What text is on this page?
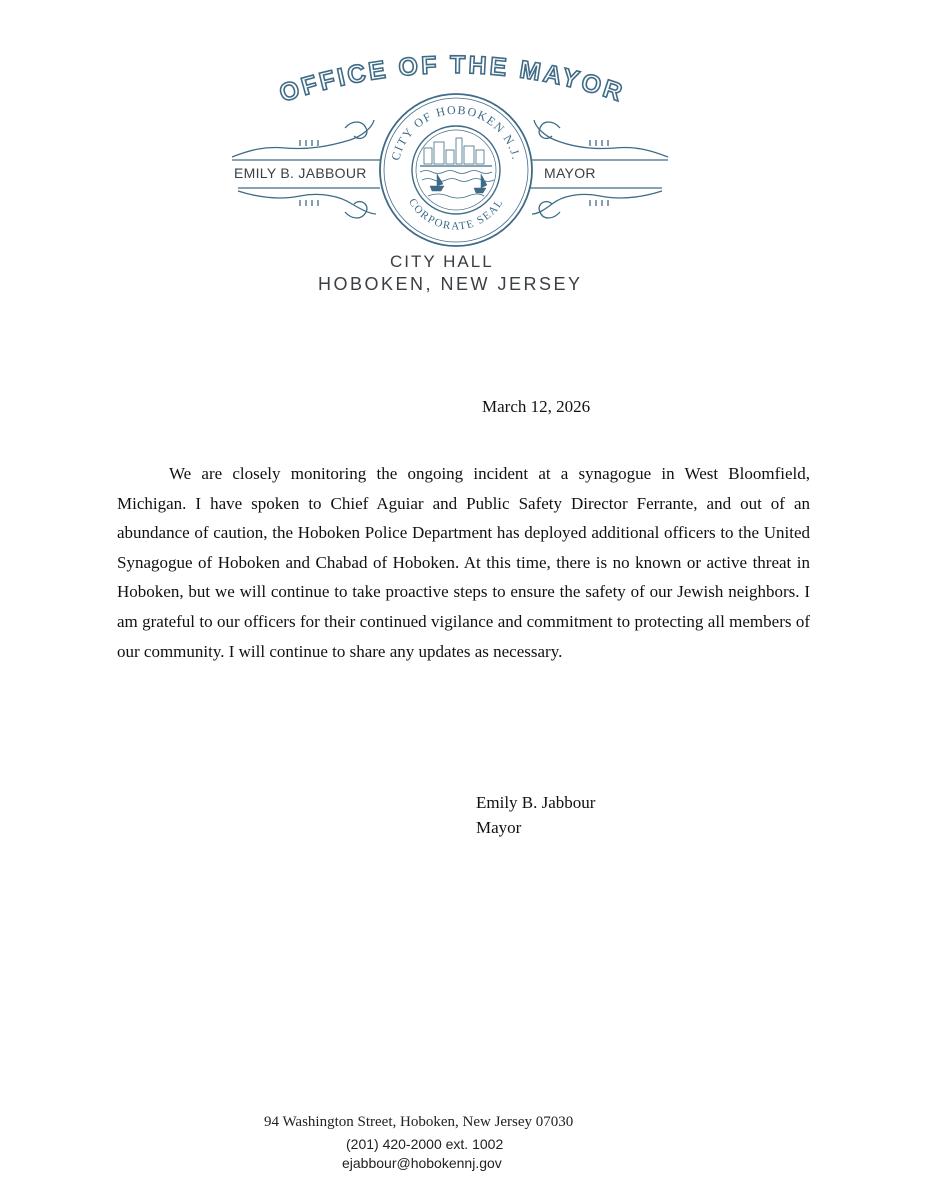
OFFICE OF THE MAYOR
CITY OF HOBOKEN N.J.
CORPORATE SEAL
EMILY B. JABBOUR	MAYOR
CITY HALL
HOBOKEN, NEW JERSEY
March 12, 2026

We are closely monitoring the ongoing incident at a synagogue in West Bloomfield, Michigan. I have spoken to Chief Aguiar and Public Safety Director Ferrante, and out of an abundance of caution, the Hoboken Police Department has deployed additional officers to the United Synagogue of Hoboken and Chabad of Hoboken. At this time, there is no known or active threat in Hoboken, but we will continue to take proactive steps to ensure the safety of our Jewish neighbors. I am grateful to our officers for their continued vigilance and commitment to protecting all members of our community. I will continue to share any updates as necessary.

Emily B. Jabbour
Mayor
94 Washington Street, Hoboken, New Jersey 07030
(201) 420-2000 ext. 1002
ejabbour@hobokennj.gov
